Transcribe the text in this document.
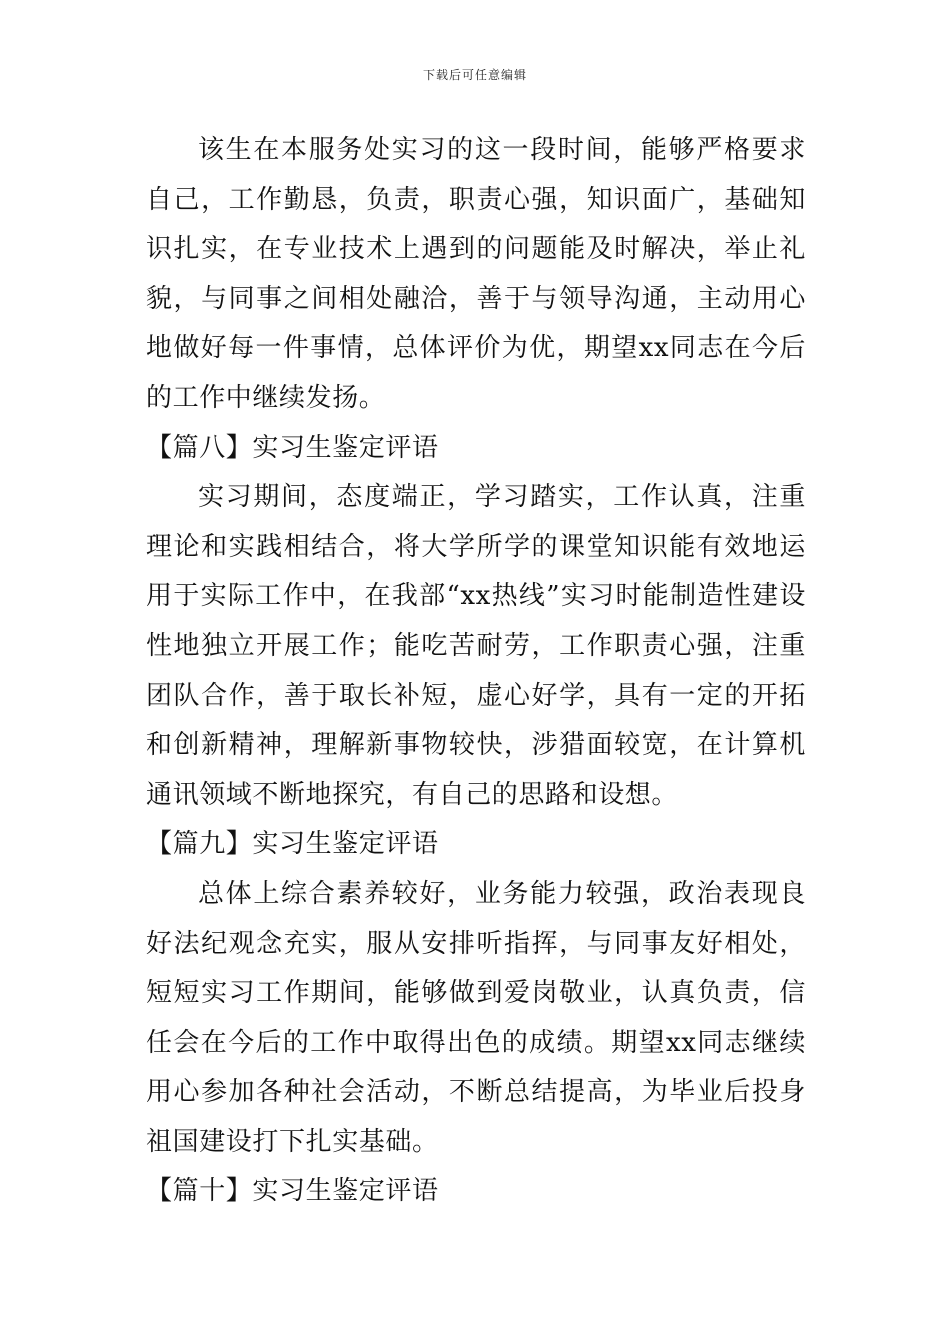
下载后可任意编辑

该生在本服务处实习的这一段时间，能够严格要求自己，工作勤恳，负责，职责心强，知识面广，基础知识扎实，在专业技术上遇到的问题能及时解决，举止礼貌，与同事之间相处融洽，善于与领导沟通，主动用心地做好每一件事情，总体评价为优，期望xx同志在今后的工作中继续发扬。

【篇八】实习生鉴定评语

实习期间，态度端正，学习踏实，工作认真，注重理论和实践相结合，将大学所学的课堂知识能有效地运用于实际工作中，在我部“xx热线”实习时能制造性建设性地独立开展工作；能吃苦耐劳，工作职责心强，注重团队合作，善于取长补短，虚心好学，具有一定的开拓和创新精神，理解新事物较快，涉猎面较宽，在计算机通讯领域不断地探究，有自己的思路和设想。

【篇九】实习生鉴定评语

总体上综合素养较好，业务能力较强，政治表现良好法纪观念充实，服从安排听指挥，与同事友好相处，短短实习工作期间，能够做到爱岗敬业，认真负责，信任会在今后的工作中取得出色的成绩。期望xx同志继续用心参加各种社会活动，不断总结提高，为毕业后投身祖国建设打下扎实基础。

【篇十】实习生鉴定评语
